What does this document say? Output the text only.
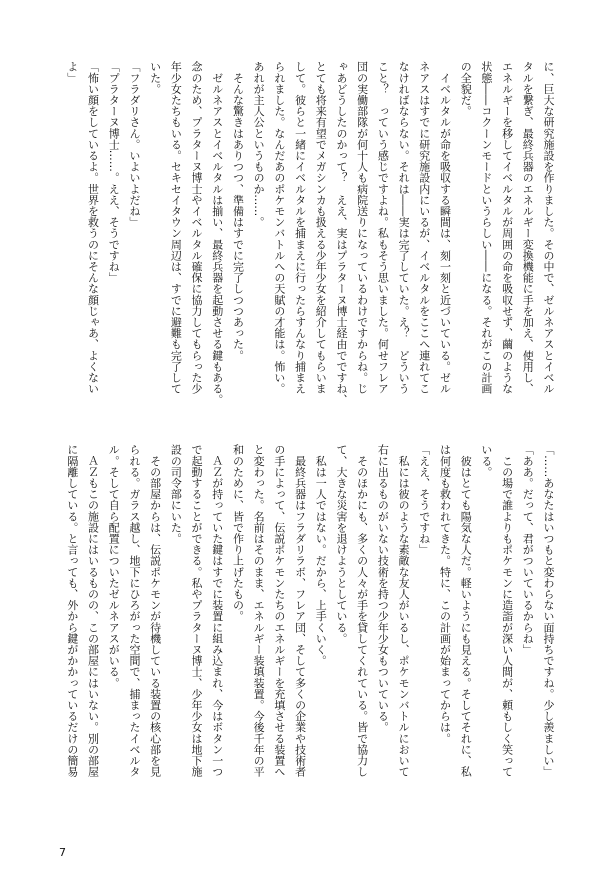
に、巨大な研究施設を作りました。その中で、ゼルネアスとイベル
タルを繋ぎ、最終兵器のエネルギー変換機能に手を加え、使用し、
エネルギーを移してイベルタルが周囲の命を吸収せず、繭のような
状態――コクーンモードというらしい――になる。それがこの計画
の全貌だ。
　イベルタルが命を吸収する瞬間は、刻一刻と近づいている。ゼル
ネアスはすでに研究施設内にいるが、イベルタルをここへ連れてこ
なければならない。それは――実は完了していた。え？　どういう
こと？　っていう感じですよね。私もそう思いました。何せフレア
団の実働部隊が何十人も病院送りになっているわけですからね。じ
ゃあどうしたのかって？　ええ、実はプラターヌ博士経由でですね、
とても将来有望でメガシンカも扱える少年少女を紹介してもらいま
して。彼らと一緒にイベルタルを捕まえに行ったらすんなり捕まえ
られました。なんだあのポケモンバトルへの天賦の才能は。怖い。
あれが主人公というものか……。
　そんな驚きはありつつ、準備はすでに完了しつつあった。
　ゼルネアスとイベルタルは揃い、最終兵器を起動させる鍵もある。
念のため、プラターヌ博士やイベルタル確保に協力してもらった少
年少女たちもいる。セキセイタウン周辺は、すでに避難も完了して
いた。
「フラダリさん。いよいよだね」
「プラターヌ博士……。ええ、そうですね」
「怖い顔をしているよ。世界を救うのにそんな顔じゃあ、よくない
よ」
「……あなたはいつもと変わらない面持ちですね。少し羨ましい」
「ああ。だって、君がついているからね」
　この場で誰よりもポケモンに造詣が深い人間が、頼もしく笑って
いる。
　彼はとても陽気な人だ。軽いようにも見える。そしてそれに、私
は何度も救われてきた。特に、この計画が始まってからは。
「ええ、そうですね」
　私には彼のような素敵な友人がいるし、ポケモンバトルにおいて
右に出るものがいない技術を持つ少年少女もついている。
　そのほかにも、多くの人々が手を貸してくれている。皆で協力し
て、大きな災害を退けようとしている。
　私は一人ではない。だから、上手くいく。
　最終兵器はフラダリラボ、フレア団、そして多くの企業や技術者
の手によって、伝説ポケモンたちのエネルギーを充填させる装置へ
と変わった。名前はそのまま、エネルギー装填装置。今後千年の平
和のために、皆で作り上げたもの。
　ＡＺが持っていた鍵はすでに装置に組み込まれ、今はボタン一つ
で起動することができる。私やプラターヌ博士、少年少女は地下施
設の司令部にいた。
　その部屋からは、伝説ポケモンが待機している装置の核心部を見
られる。ガラス越し、地下にひろがった空間で、捕まったイベルタ
ル。そして自ら配置についたゼルネアスがいる。
　ＡＺもこの施設にはいるものの、この部屋にはいない。別の部屋
に隔離している。と言っても、外から鍵がかかっているだけの簡易
7
